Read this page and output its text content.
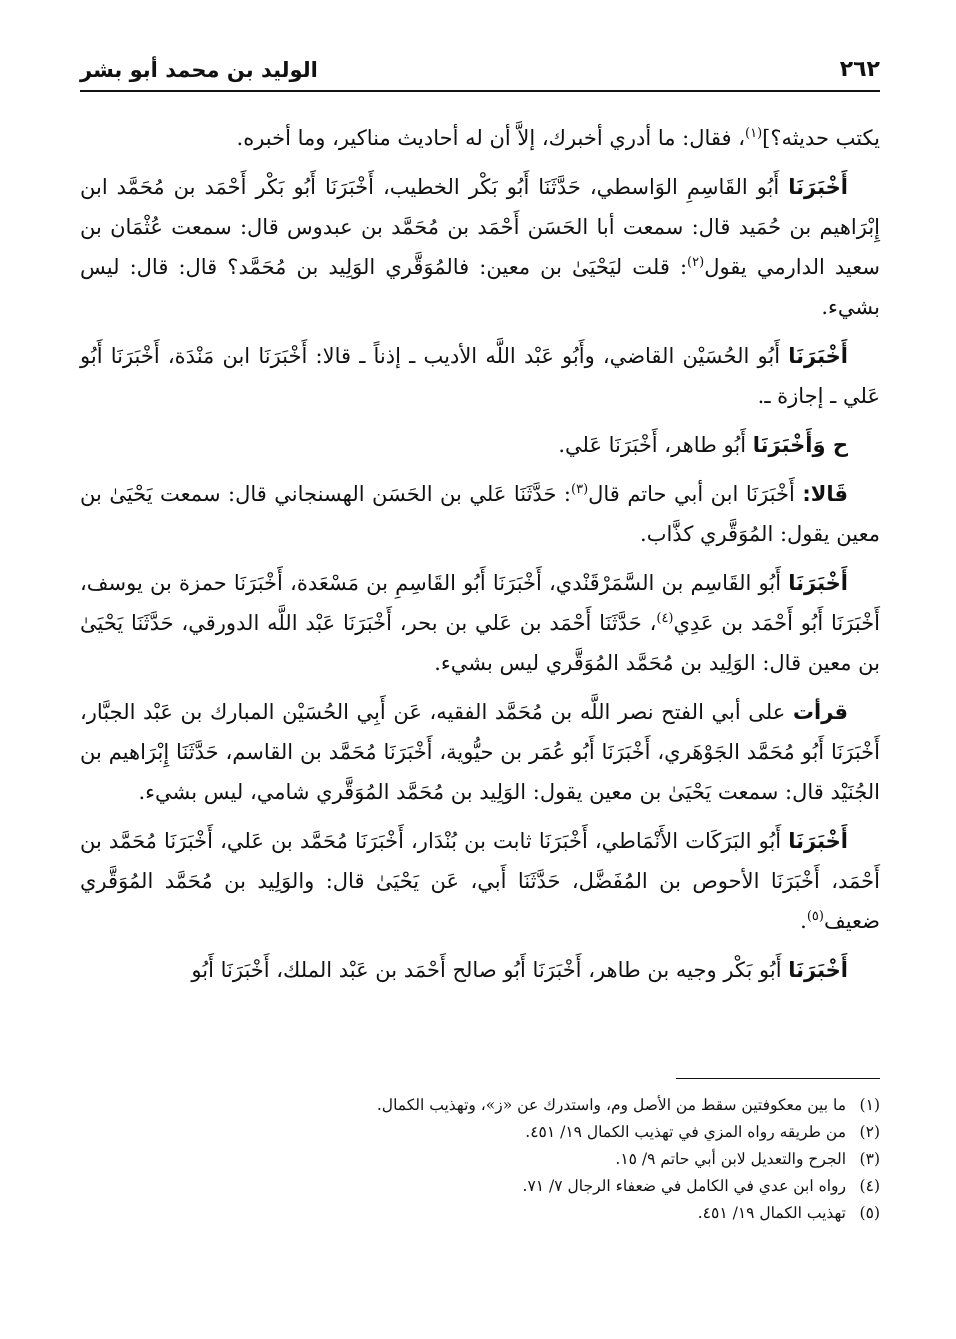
٢٦٢
الوليد بن محمد أبو بشر

يكتب حديثه؟]$^{(١)}$، فقال: ما أدري أخبرك، إلاَّ أن له أحاديث مناكير، وما أخبره.

أَخْبَرَنَا أَبُو القَاسِمِ الوَاسطي، حَدَّثَنَا أَبُو بَكْر الخطيب، أَخْبَرَنَا أَبُو بَكْر أَحْمَد بن مُحَمَّد ابن إِبْرَاهيم بن حُمَيد قال: سمعت أبا الحَسَن أَحْمَد بن مُحَمَّد بن عبدوس قال: سمعت عُثْمَان بن سعيد الدارمي يقول$^{(٢)}$: قلت ليَحْيَىٰ بن معين: فالمُوَقَّري الوَلِيد بن مُحَمَّد؟ قال: قال: ليس بشيء.

أَخْبَرَنَا أَبُو الحُسَيْن القاضي، وأَبُو عَبْد اللَّه الأديب ـ إذناً ـ قالا: أَخْبَرَنَا ابن مَنْدَة، أَخْبَرَنَا أَبُو عَلي ـ إجازة ـ.

ح وَأَخْبَرَنَا أَبُو طاهر، أَخْبَرَنَا عَلي.

قَالا: أَخْبَرَنَا ابن أبي حاتم قال$^{(٣)}$: حَدَّثَنَا عَلي بن الحَسَن الهسنجاني قال: سمعت يَحْيَىٰ بن معين يقول: المُوَقَّري كذَّاب.

أَخْبَرَنَا أَبُو القَاسِم بن السَّمَرْقَنْدي، أَخْبَرَنَا أَبُو القَاسِمِ بن مَسْعَدة، أَخْبَرَنَا حمزة بن يوسف، أَخْبَرَنَا أَبُو أَحْمَد بن عَدِي$^{(٤)}$، حَدَّثَنَا أَحْمَد بن عَلي بن بحر، أَخْبَرَنَا عَبْد اللَّه الدورقي، حَدَّثَنَا يَحْيَىٰ بن معين قال: الوَلِيد بن مُحَمَّد المُوَقَّري ليس بشيء.

قرأت على أبي الفتح نصر اللَّه بن مُحَمَّد الفقيه، عَن أَبِي الحُسَيْن المبارك بن عَبْد الجبَّار، أَخْبَرَنَا أَبُو مُحَمَّد الجَوْهَري، أَخْبَرَنَا أَبُو عُمَر بن حيُّوية، أَخْبَرَنَا مُحَمَّد بن القاسم، حَدَّثَنَا إِبْرَاهيم بن الجُنَيْد قال: سمعت يَحْيَىٰ بن معين يقول: الوَلِيد بن مُحَمَّد المُوَقَّري شامي، ليس بشيء.

أَخْبَرَنَا أَبُو البَرَكَات الأَنْمَاطي، أَخْبَرَنَا ثابت بن بُنْدَار، أَخْبَرَنَا مُحَمَّد بن عَلي، أَخْبَرَنَا مُحَمَّد بن أَحْمَد، أَخْبَرَنَا الأحوص بن المُفَضَّل، حَدَّثَنَا أَبي، عَن يَحْيَىٰ قال: والوَلِيد بن مُحَمَّد المُوَقَّري ضعيف$^{(٥)}$.

أَخْبَرَنَا أَبُو بَكْر وجيه بن طاهر، أَخْبَرَنَا أَبُو صالح أَحْمَد بن عَبْد الملك، أَخْبَرَنَا أَبُو

(١)
ما بين معكوفتين سقط من الأصل وم، واستدرك عن «ز»، وتهذيب الكمال.

(٢)
من طريقه رواه المزي في تهذيب الكمال ١٩/ ٤٥١.

(٣)
الجرح والتعديل لابن أبي حاتم ٩/ ١٥.

(٤)
رواه ابن عدي في الكامل في ضعفاء الرجال ٧/ ٧١.

(٥)
تهذيب الكمال ١٩/ ٤٥١.
